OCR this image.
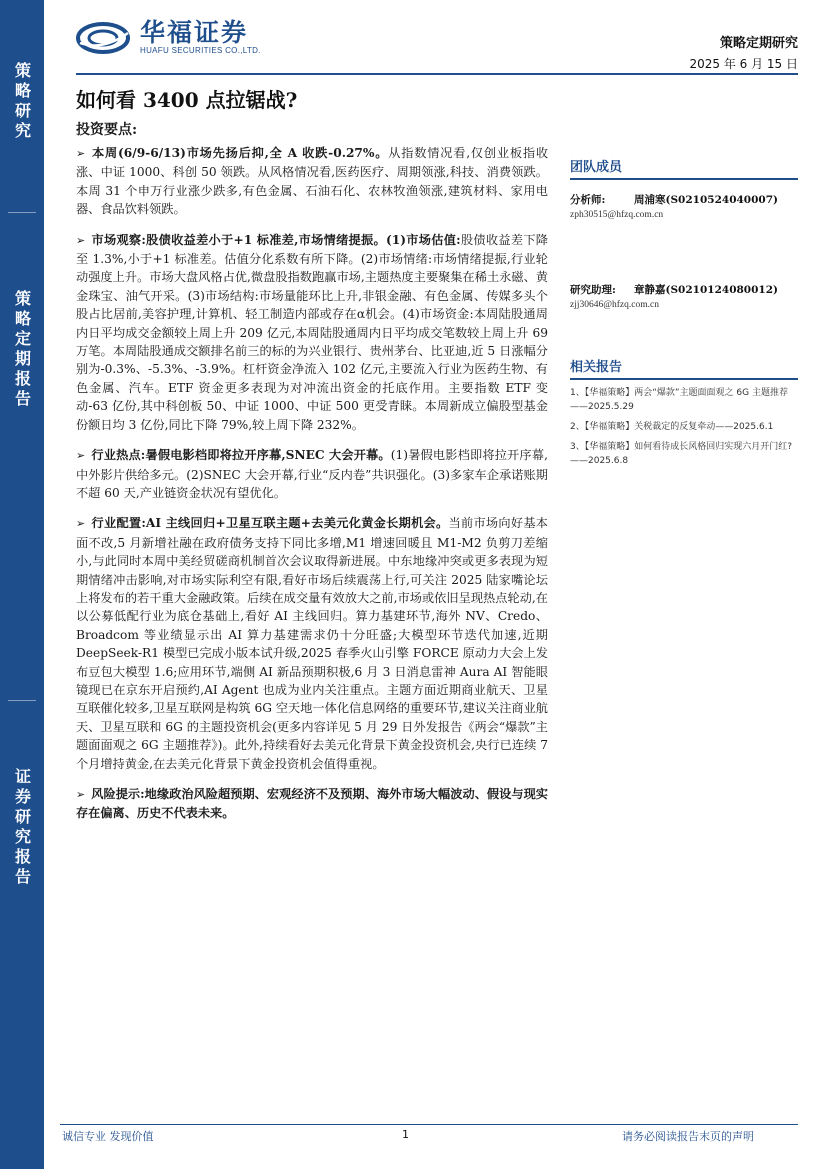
策略研究
策略定期报告
证券研究报告
华福证券
HUAFU SECURITIES CO.,LTD.	策略定期研究
2025 年 6 月 15 日
如何看 3400 点拉锯战?
投资要点:

➢ 本周(6/9-6/13)市场先扬后抑,全 A 收跌-0.27%。从指数情况看,仅创业板指收涨、中证 1000、科创 50 领跌。从风格情况看,医药医疗、周期领涨,科技、消费领跌。本周 31 个申万行业涨少跌多,有色金属、石油石化、农林牧渔领涨,建筑材料、家用电器、食品饮料领跌。

➢ 市场观察:股债收益差小于+1 标准差,市场情绪提振。(1)市场估值:股债收益差下降至 1.3%,小于+1 标准差。估值分化系数有所下降。(2)市场情绪:市场情绪提振,行业轮动强度上升。市场大盘风格占优,微盘股指数跑赢市场,主题热度主要聚集在稀土永磁、黄金珠宝、油气开采。(3)市场结构:市场量能环比上升,非银金融、有色金属、传媒多头个股占比居前,美容护理,计算机、轻工制造内部或存在α机会。(4)市场资金:本周陆股通周内日平均成交金额较上周上升 209 亿元,本周陆股通周内日平均成交笔数较上周上升 69 万笔。本周陆股通成交额排名前三的标的为兴业银行、贵州茅台、比亚迪,近 5 日涨幅分别为-0.3%、-5.3%、-3.9%。杠杆资金净流入 102 亿元,主要流入行业为医药生物、有色金属、汽车。ETF 资金更多表现为对冲流出资金的托底作用。主要指数 ETF 变动-63 亿份,其中科创板 50、中证 1000、中证 500 更受青睐。本周新成立偏股型基金份额日均 3 亿份,同比下降 79%,较上周下降 232%。

➢ 行业热点:暑假电影档即将拉开序幕,SNEC 大会开幕。(1)暑假电影档即将拉开序幕,中外影片供给多元。(2)SNEC 大会开幕,行业“反内卷”共识强化。(3)多家车企承诺账期不超 60 天,产业链资金状况有望优化。

➢ 行业配置:AI 主线回归+卫星互联主题+去美元化黄金长期机会。当前市场向好基本面不改,5 月新增社融在政府债务支持下同比多增,M1 增速回暖且 M1-M2 负剪刀差缩小,与此同时本周中美经贸磋商机制首次会议取得新进展。中东地缘冲突或更多表现为短期情绪冲击影响,对市场实际利空有限,看好市场后续震荡上行,可关注 2025 陆家嘴论坛上将发布的若干重大金融政策。后续在成交量有效放大之前,市场或依旧呈现热点轮动,在以公募低配行业为底仓基础上,看好 AI 主线回归。算力基建环节,海外 NV、Credo、Broadcom 等业绩显示出 AI 算力基建需求仍十分旺盛;大模型环节迭代加速,近期 DeepSeek-R1 模型已完成小版本试升级,2025 春季火山引擎 FORCE 原动力大会上发布豆包大模型 1.6;应用环节,端侧 AI 新品预期积极,6 月 3 日消息雷神 Aura AI 智能眼镜现已在京东开启预约,AI Agent 也成为业内关注重点。主题方面近期商业航天、卫星互联催化较多,卫星互联网是构筑 6G 空天地一体化信息网络的重要环节,建议关注商业航天、卫星互联和 6G 的主题投资机会(更多内容详见 5 月 29 日外发报告《两会“爆款”主题面面观之 6G 主题推荐》)。此外,持续看好去美元化背景下黄金投资机会,央行已连续 7 个月增持黄金,在去美元化背景下黄金投资机会值得重视。

➢ 风险提示:地缘政治风险超预期、宏观经济不及预期、海外市场大幅波动、假设与现实存在偏离、历史不代表未来。

团队成员
分析师:	周浦寒(S0210524040007)
zph30515@hfzq.com.cn
研究助理: 章静嘉(S0210124080012)
zjj30646@hfzq.com.cn
相关报告
1、【华福策略】两会“爆款”主题面面观之 6G 主题推荐——2025.5.29
2、【华福策略】关税裁定的反复牵动——2025.6.1
3、【华福策略】如何看待成长风格回归实现六月开门红?——2025.6.8
诚信专业 发现价值	1	请务必阅读报告末页的声明
